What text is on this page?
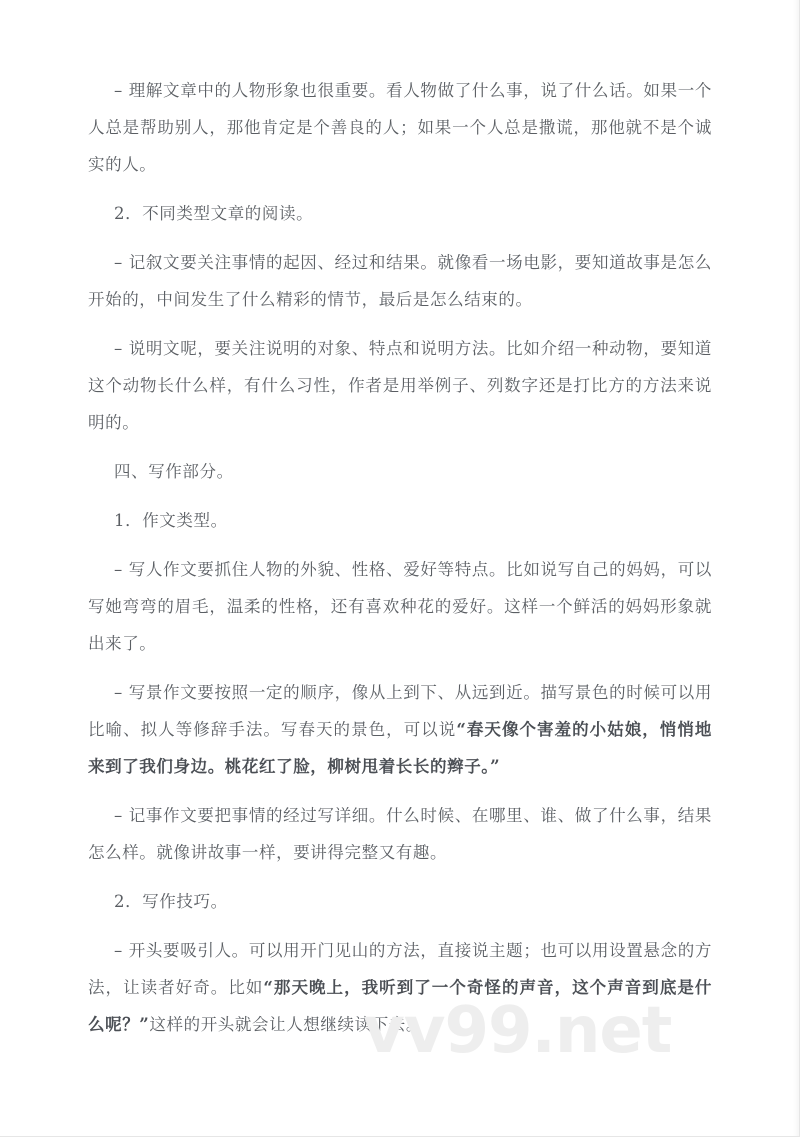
– 理解文章中的人物形象也很重要。看人物做了什么事，说了什么话。如果一个人总是帮助别人，那他肯定是个善良的人；如果一个人总是撒谎，那他就不是个诚实的人。

2．不同类型文章的阅读。

– 记叙文要关注事情的起因、经过和结果。就像看一场电影，要知道故事是怎么开始的，中间发生了什么精彩的情节，最后是怎么结束的。

– 说明文呢，要关注说明的对象、特点和说明方法。比如介绍一种动物，要知道这个动物长什么样，有什么习性，作者是用举例子、列数字还是打比方的方法来说明的。

四、写作部分。

1．作文类型。

– 写人作文要抓住人物的外貌、性格、爱好等特点。比如说写自己的妈妈，可以写她弯弯的眉毛，温柔的性格，还有喜欢种花的爱好。这样一个鲜活的妈妈形象就出来了。

– 写景作文要按照一定的顺序，像从上到下、从远到近。描写景色的时候可以用比喻、拟人等修辞手法。写春天的景色，可以说“春天像个害羞的小姑娘，悄悄地来到了我们身边。桃花红了脸，柳树甩着长长的辫子。”

– 记事作文要把事情的经过写详细。什么时候、在哪里、谁、做了什么事，结果怎么样。就像讲故事一样，要讲得完整又有趣。

2．写作技巧。

– 开头要吸引人。可以用开门见山的方法，直接说主题；也可以用设置悬念的方法，让读者好奇。比如“那天晚上，我听到了一个奇怪的声音，这个声音到底是什么呢？”这样的开头就会让人想继续读下去。

vv99.net
